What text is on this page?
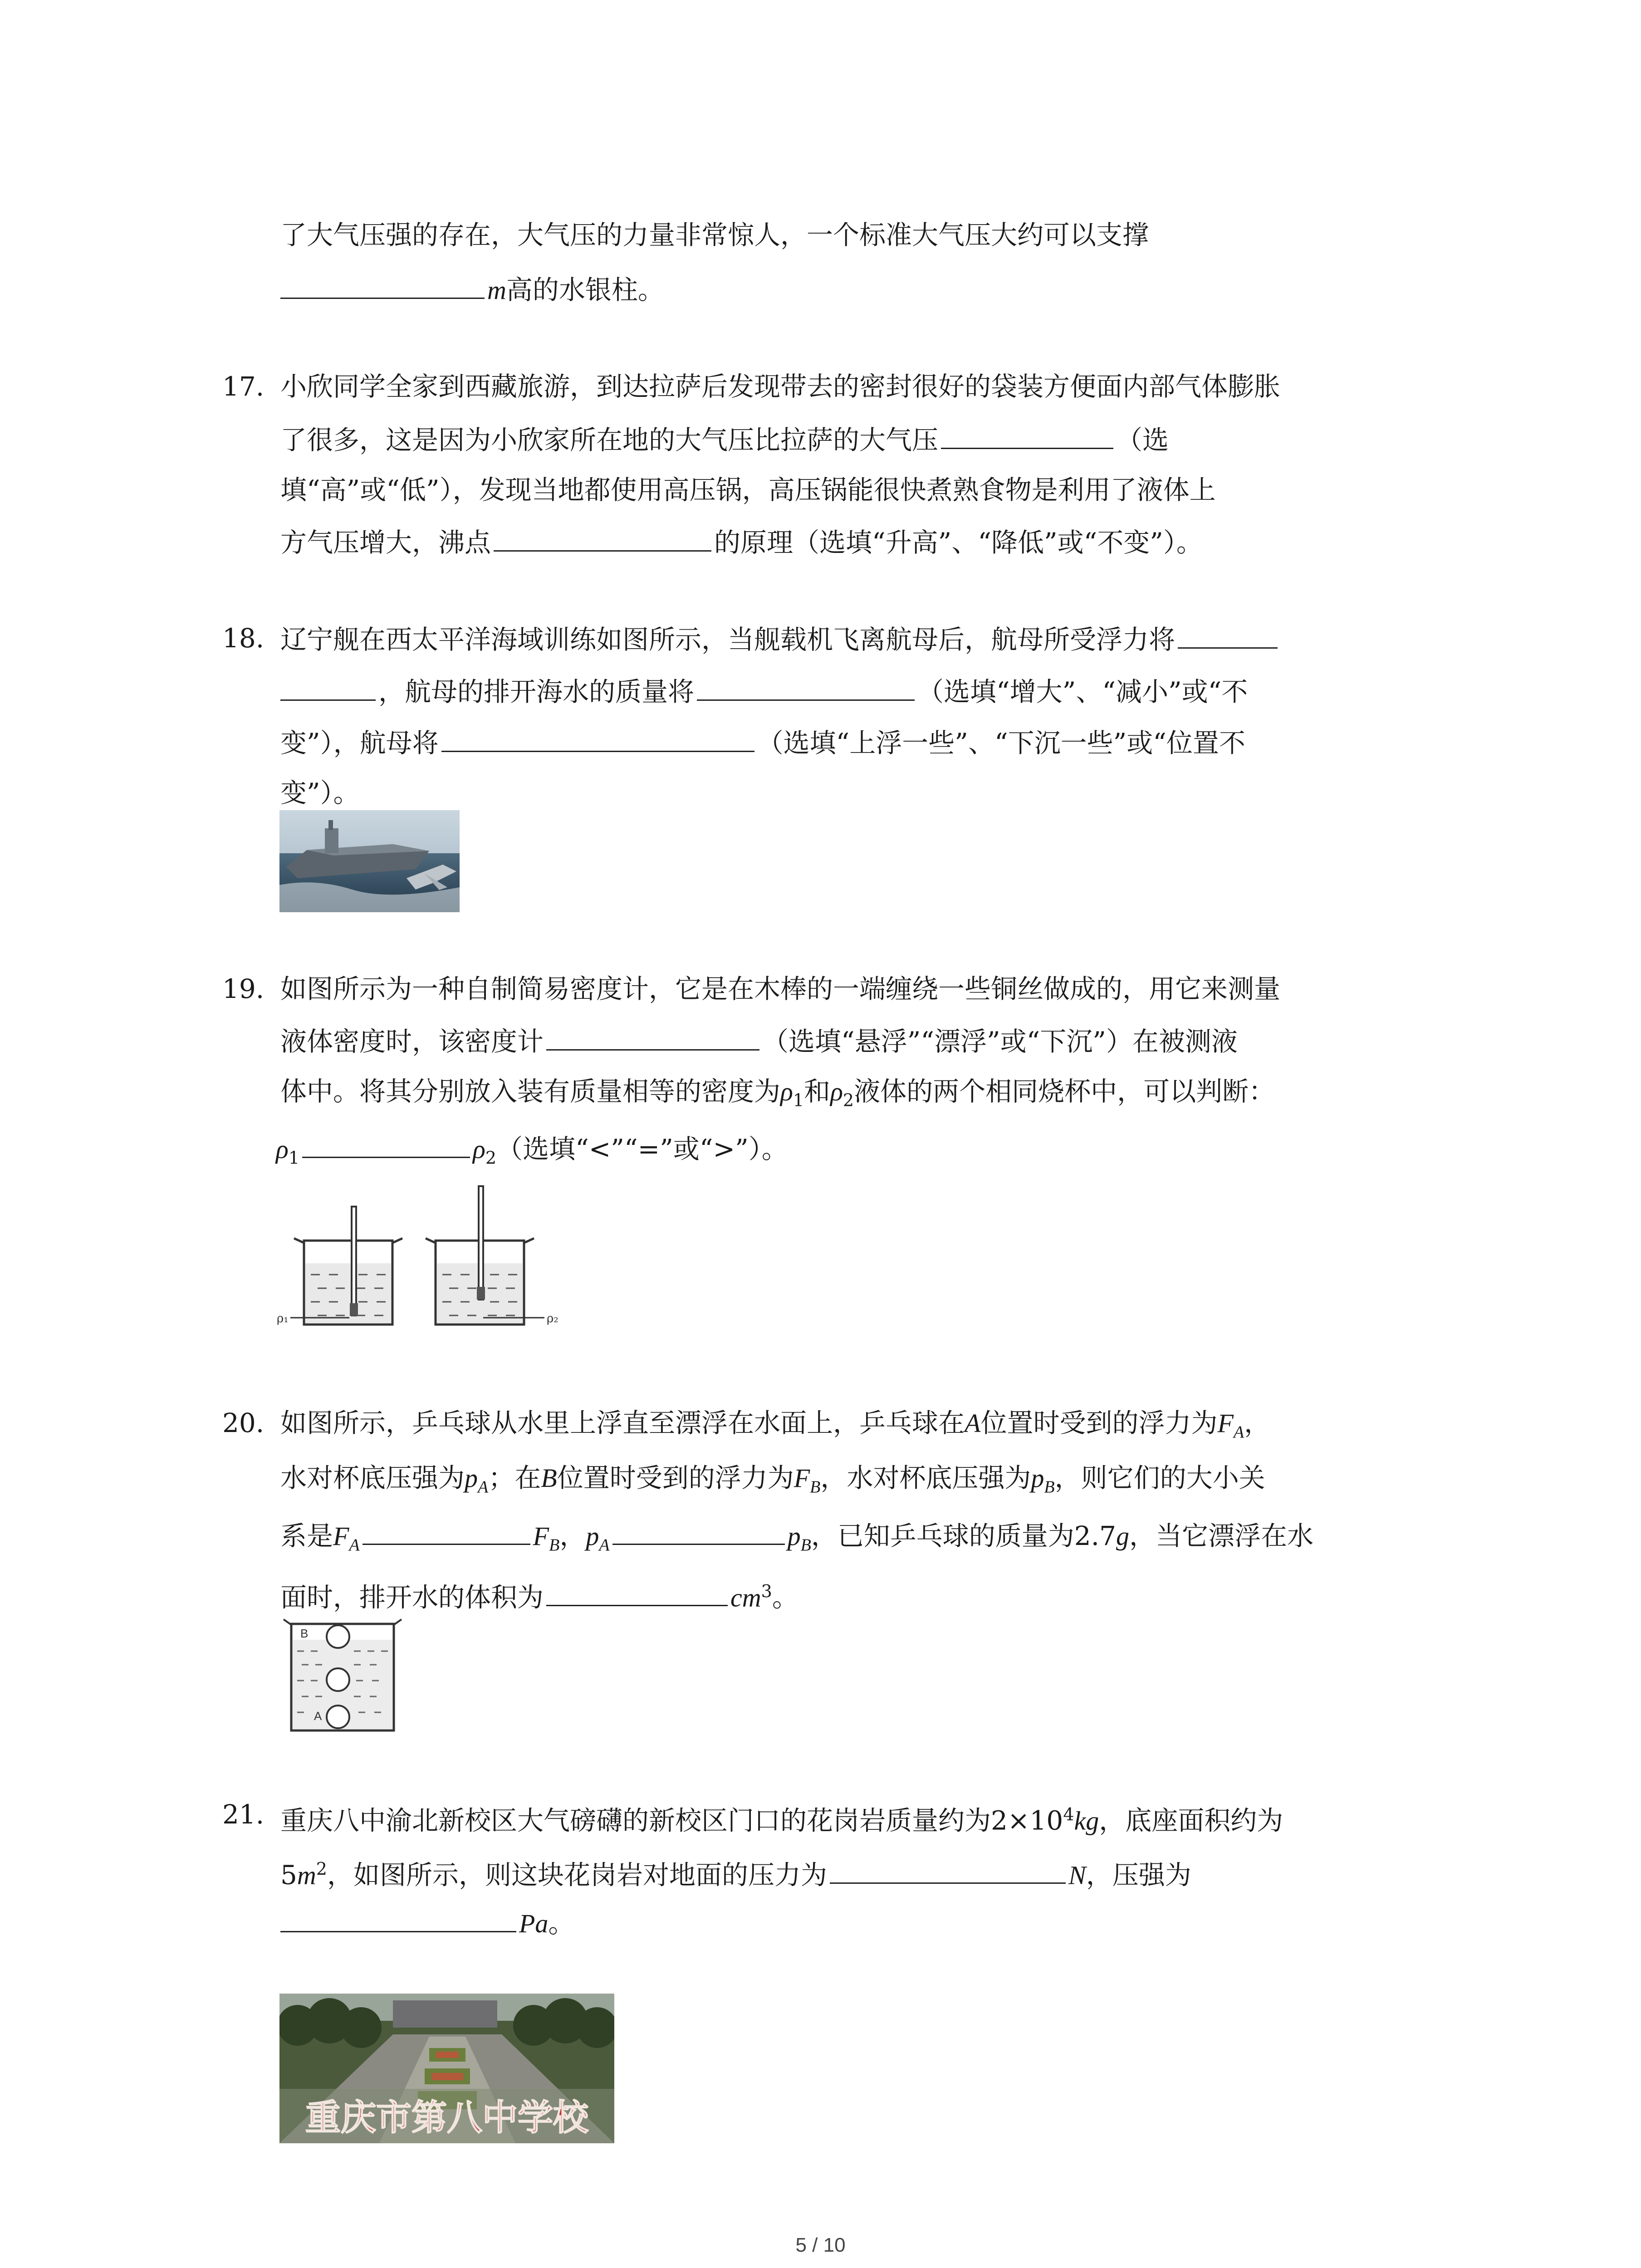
了大气压强的存在，大气压的力量非常惊人，一个标准大气压大约可以支撑
m高的水银柱。
17. 小欣同学全家到西藏旅游，到达拉萨后发现带去的密封很好的袋装方便面内部气体膨胀
了很多，这是因为小欣家所在地的大气压比拉萨的大气压	（选
填“高”或“低”），发现当地都使用高压锅，高压锅能很快煮熟食物是利用了液体上
方气压增大，沸点	的原理（选填“升高”、“降低”或“不变”）。
18. 辽宁舰在西太平洋海域训练如图所示，当舰载机飞离航母后，航母所受浮力将
，航母的排开海水的质量将	（选填“增大”、“减小”或“不
变”），航母将	（选填“上浮一些”、“下沉一些”或“位置不
变”）。
19. 如图所示为一种自制简易密度计，它是在木棒的一端缠绕一些铜丝做成的，用它来测量
液体密度时，该密度计	（选填“悬浮”“漂浮”或“下沉”）在被测液
体中。将其分别放入装有质量相等的密度为$\rho_1$和$\rho_2$液体的两个相同烧杯中，可以判断：
$\rho_1$	$\rho_2$（选填“<”“=”或“>”）。
ρ₁	ρ₂
20. 如图所示，乒乓球从水里上浮直至漂浮在水面上，乒乓球在A位置时受到的浮力为$F_A$，
水对杯底压强为$p_A$；在B位置时受到的浮力为$F_B$，水对杯底压强为$p_B$，则它们的大小关
系是$F_A$	$F_B$，$p_A$	$p_B$，已知乒乓球的质量为2.7g，当它漂浮在水
面时，排开水的体积为	$cm^3$。
B
A
21. 重庆八中渝北新校区大气磅礴的新校区门口的花岗岩质量约为$2\times 10^4kg$，底座面积约为
$5m^2$，如图所示，则这块花岗岩对地面的压力为	N，压强为
Pa。
重庆市第八中学校
5 / 10
